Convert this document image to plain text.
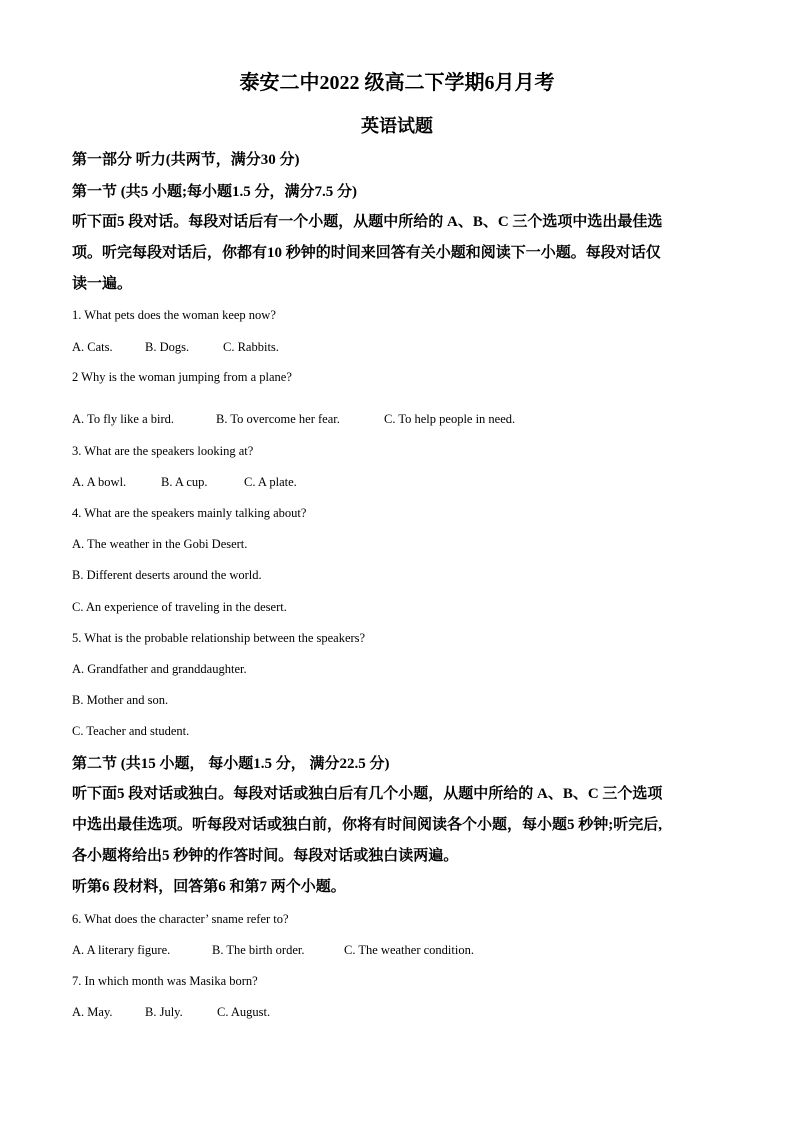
泰安二中2022 级高二下学期6月月考
英语试题
第一部分 听力(共两节，满分30 分)
第一节 (共5 小题;每小题1.5 分，满分7.5 分)
听下面5 段对话。每段对话后有一个小题，从题中所给的 A、B、C 三个选项中选出最佳选
项。听完每段对话后，你都有10 秒钟的时间来回答有关小题和阅读下一小题。每段对话仅
读一遍。
1. What pets does the woman keep now?
A. Cats.	B. Dogs.	C. Rabbits.
2 Why is the woman jumping from a plane?
A. To fly like a bird.	B. To overcome her fear.	C. To help people in need.
3. What are the speakers looking at?
A. A bowl.	B. A cup.	C. A plate.
4. What are the speakers mainly talking about?
A. The weather in the Gobi Desert.
B. Different deserts around the world.
C. An experience of traveling in the desert.
5. What is the probable relationship between the speakers?
A. Grandfather and granddaughter.
B. Mother and son.
C. Teacher and student.
第二节 (共15 小题， 每小题1.5 分， 满分22.5 分)
听下面5 段对话或独白。每段对话或独白后有几个小题，从题中所给的 A、B、C 三个选项
中选出最佳选项。听每段对话或独白前，你将有时间阅读各个小题，每小题5 秒钟;听完后,
各小题将给出5 秒钟的作答时间。每段对话或独白读两遍。
听第6 段材料，回答第6 和第7 两个小题。
6. What does the character’ sname refer to?
A. A literary figure.	B. The birth order.	C. The weather condition.
7. In which month was Masika born?
A. May.	B. July.	C. August.
